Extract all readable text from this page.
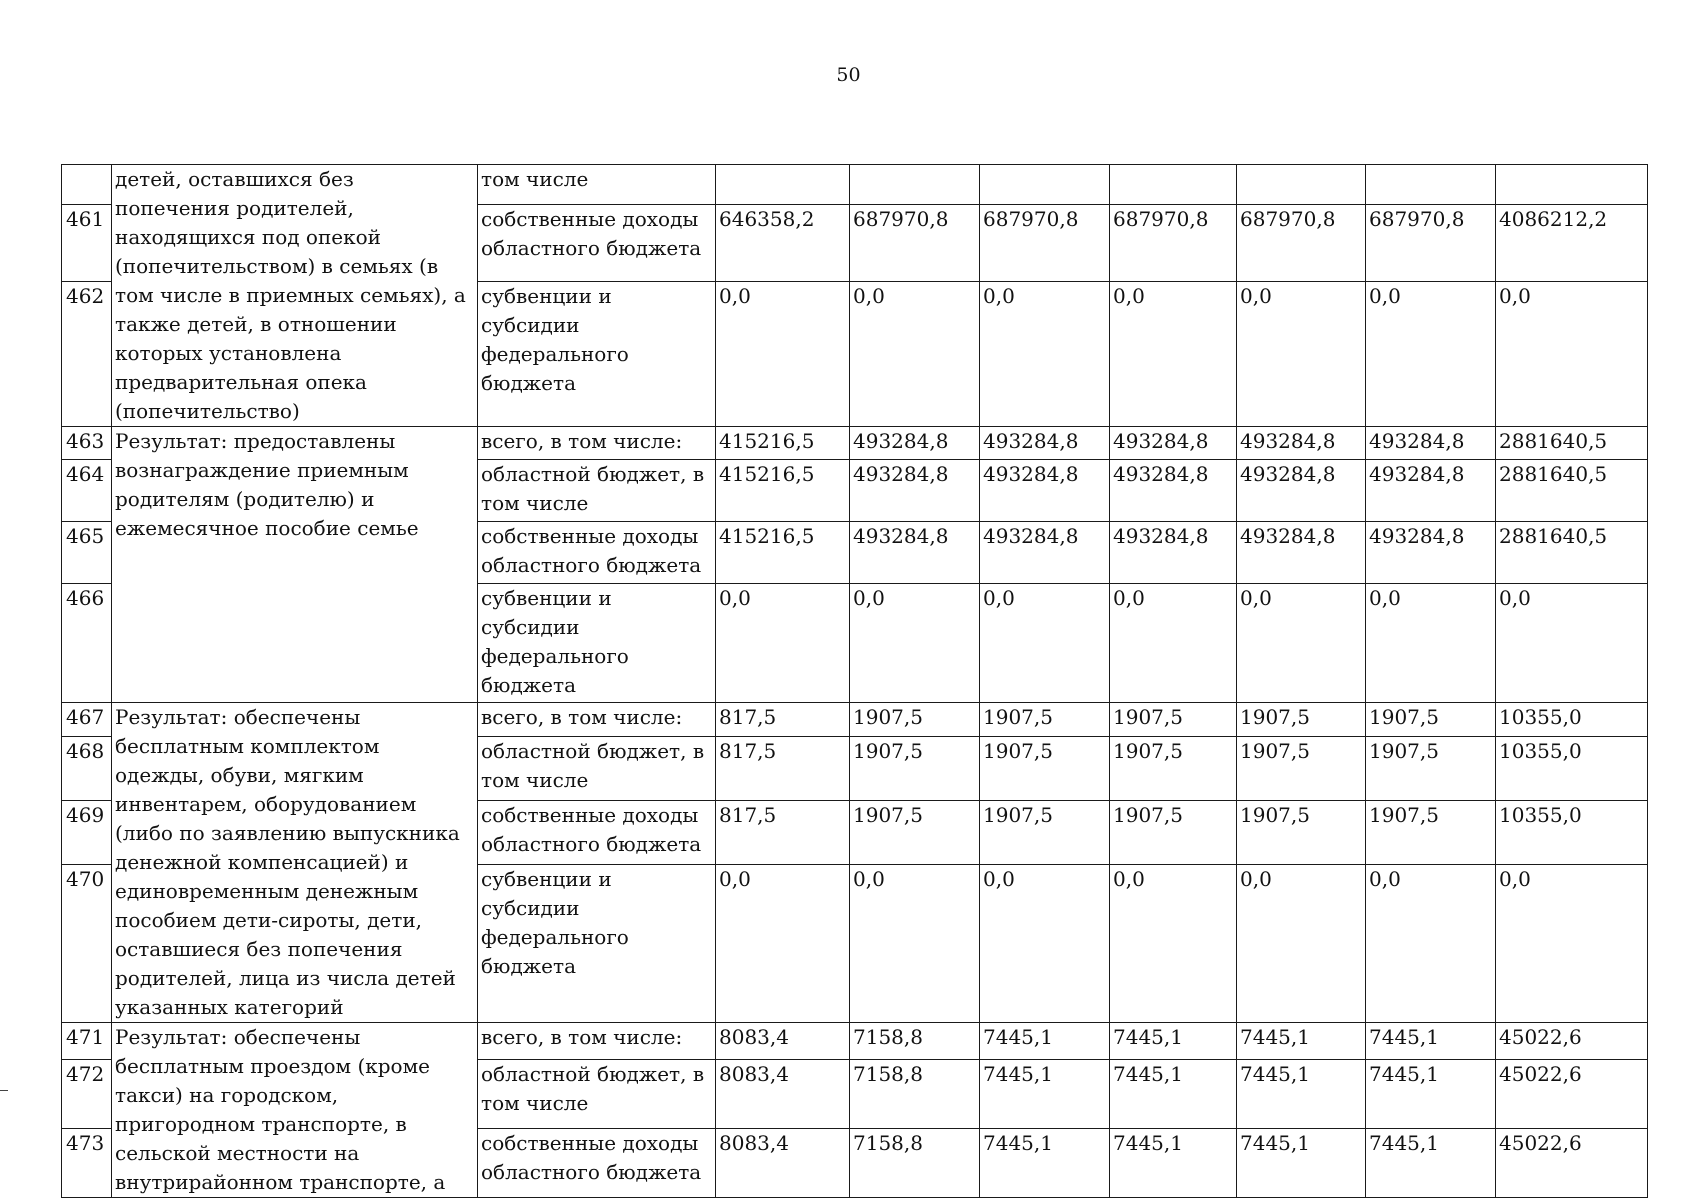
50
	детей, оставшихся без попечения родителей, находящихся под опекой (попечительством) в семьях (в том числе в приемных семьях), а также детей, в отношении которых установлена предварительная опека (попечительство)	том числе							
461		собственные доходы областного бюджета	646358,2	687970,8	687970,8	687970,8	687970,8	687970,8	4086212,2
462		субвенции и субсидии федерального бюджета	0,0	0,0	0,0	0,0	0,0	0,0	0,0
463	Результат: предоставлены вознаграждение приемным родителям (родителю) и ежемесячное пособие семье	всего, в том числе:	415216,5	493284,8	493284,8	493284,8	493284,8	493284,8	2881640,5
464		областной бюджет, в том числе	415216,5	493284,8	493284,8	493284,8	493284,8	493284,8	2881640,5
465		собственные доходы областного бюджета	415216,5	493284,8	493284,8	493284,8	493284,8	493284,8	2881640,5
466		субвенции и субсидии федерального бюджета	0,0	0,0	0,0	0,0	0,0	0,0	0,0
467	Результат: обеспечены бесплатным комплектом одежды, обуви, мягким инвентарем, оборудованием (либо по заявлению выпускника денежной компенсацией) и единовременным денежным пособием дети-сироты, дети, оставшиеся без попечения родителей, лица из числа детей указанных категорий	всего, в том числе:	817,5	1907,5	1907,5	1907,5	1907,5	1907,5	10355,0
468		областной бюджет, в том числе	817,5	1907,5	1907,5	1907,5	1907,5	1907,5	10355,0
469		собственные доходы областного бюджета	817,5	1907,5	1907,5	1907,5	1907,5	1907,5	10355,0
470		субвенции и субсидии федерального бюджета	0,0	0,0	0,0	0,0	0,0	0,0	0,0
471	Результат: обеспечены бесплатным проездом (кроме такси) на городском, пригородном транспорте, в сельской местности на внутрирайонном транспорте, а	всего, в том числе:	8083,4	7158,8	7445,1	7445,1	7445,1	7445,1	45022,6
472		областной бюджет, в том числе	8083,4	7158,8	7445,1	7445,1	7445,1	7445,1	45022,6
473		собственные доходы областного бюджета	8083,4	7158,8	7445,1	7445,1	7445,1	7445,1	45022,6
